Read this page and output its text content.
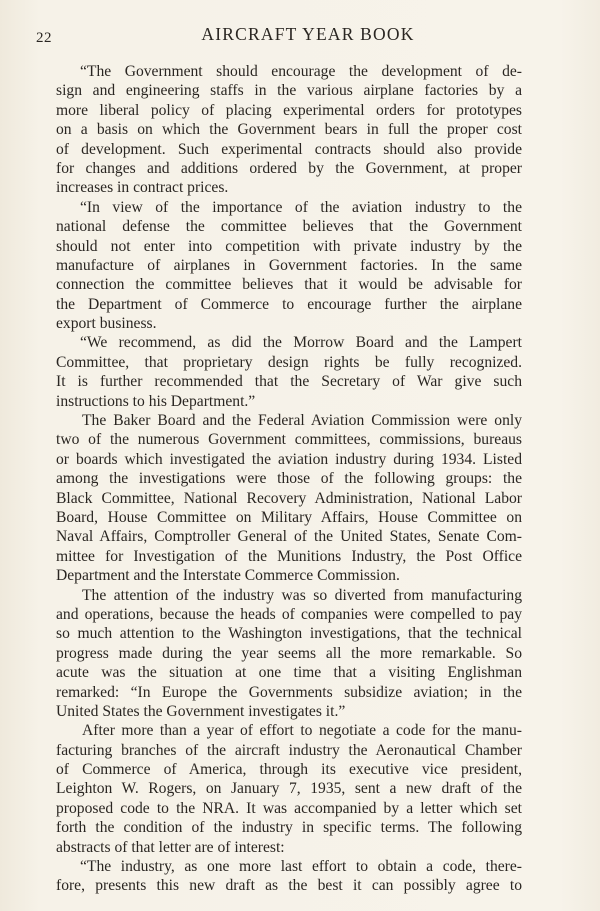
22	AIRCRAFT YEAR BOOK
“The Government should encourage the development of de-
sign and engineering staffs in the various airplane factories by a
more liberal policy of placing experimental orders for prototypes
on a basis on which the Government bears in full the proper cost
of development. Such experimental contracts should also provide
for changes and additions ordered by the Government, at proper
increases in contract prices.
“In view of the importance of the aviation industry to the
national defense the committee believes that the Government
should not enter into competition with private industry by the
manufacture of airplanes in Government factories. In the same
connection the committee believes that it would be advisable for
the Department of Commerce to encourage further the airplane
export business.
“We recommend, as did the Morrow Board and the Lampert
Committee, that proprietary design rights be fully recognized.
It is further recommended that the Secretary of War give such
instructions to his Department.”
The Baker Board and the Federal Aviation Commission were only
two of the numerous Government committees, commissions, bureaus
or boards which investigated the aviation industry during 1934. Listed
among the investigations were those of the following groups: the
Black Committee, National Recovery Administration, National Labor
Board, House Committee on Military Affairs, House Committee on
Naval Affairs, Comptroller General of the United States, Senate Com-
mittee for Investigation of the Munitions Industry, the Post Office
Department and the Interstate Commerce Commission.
The attention of the industry was so diverted from manufacturing
and operations, because the heads of companies were compelled to pay
so much attention to the Washington investigations, that the technical
progress made during the year seems all the more remarkable. So
acute was the situation at one time that a visiting Englishman
remarked: “In Europe the Governments subsidize aviation; in the
United States the Government investigates it.”
After more than a year of effort to negotiate a code for the manu-
facturing branches of the aircraft industry the Aeronautical Chamber
of Commerce of America, through its executive vice president,
Leighton W. Rogers, on January 7, 1935, sent a new draft of the
proposed code to the NRA. It was accompanied by a letter which set
forth the condition of the industry in specific terms. The following
abstracts of that letter are of interest:
“The industry, as one more last effort to obtain a code, there-
fore, presents this new draft as the best it can possibly agree to
